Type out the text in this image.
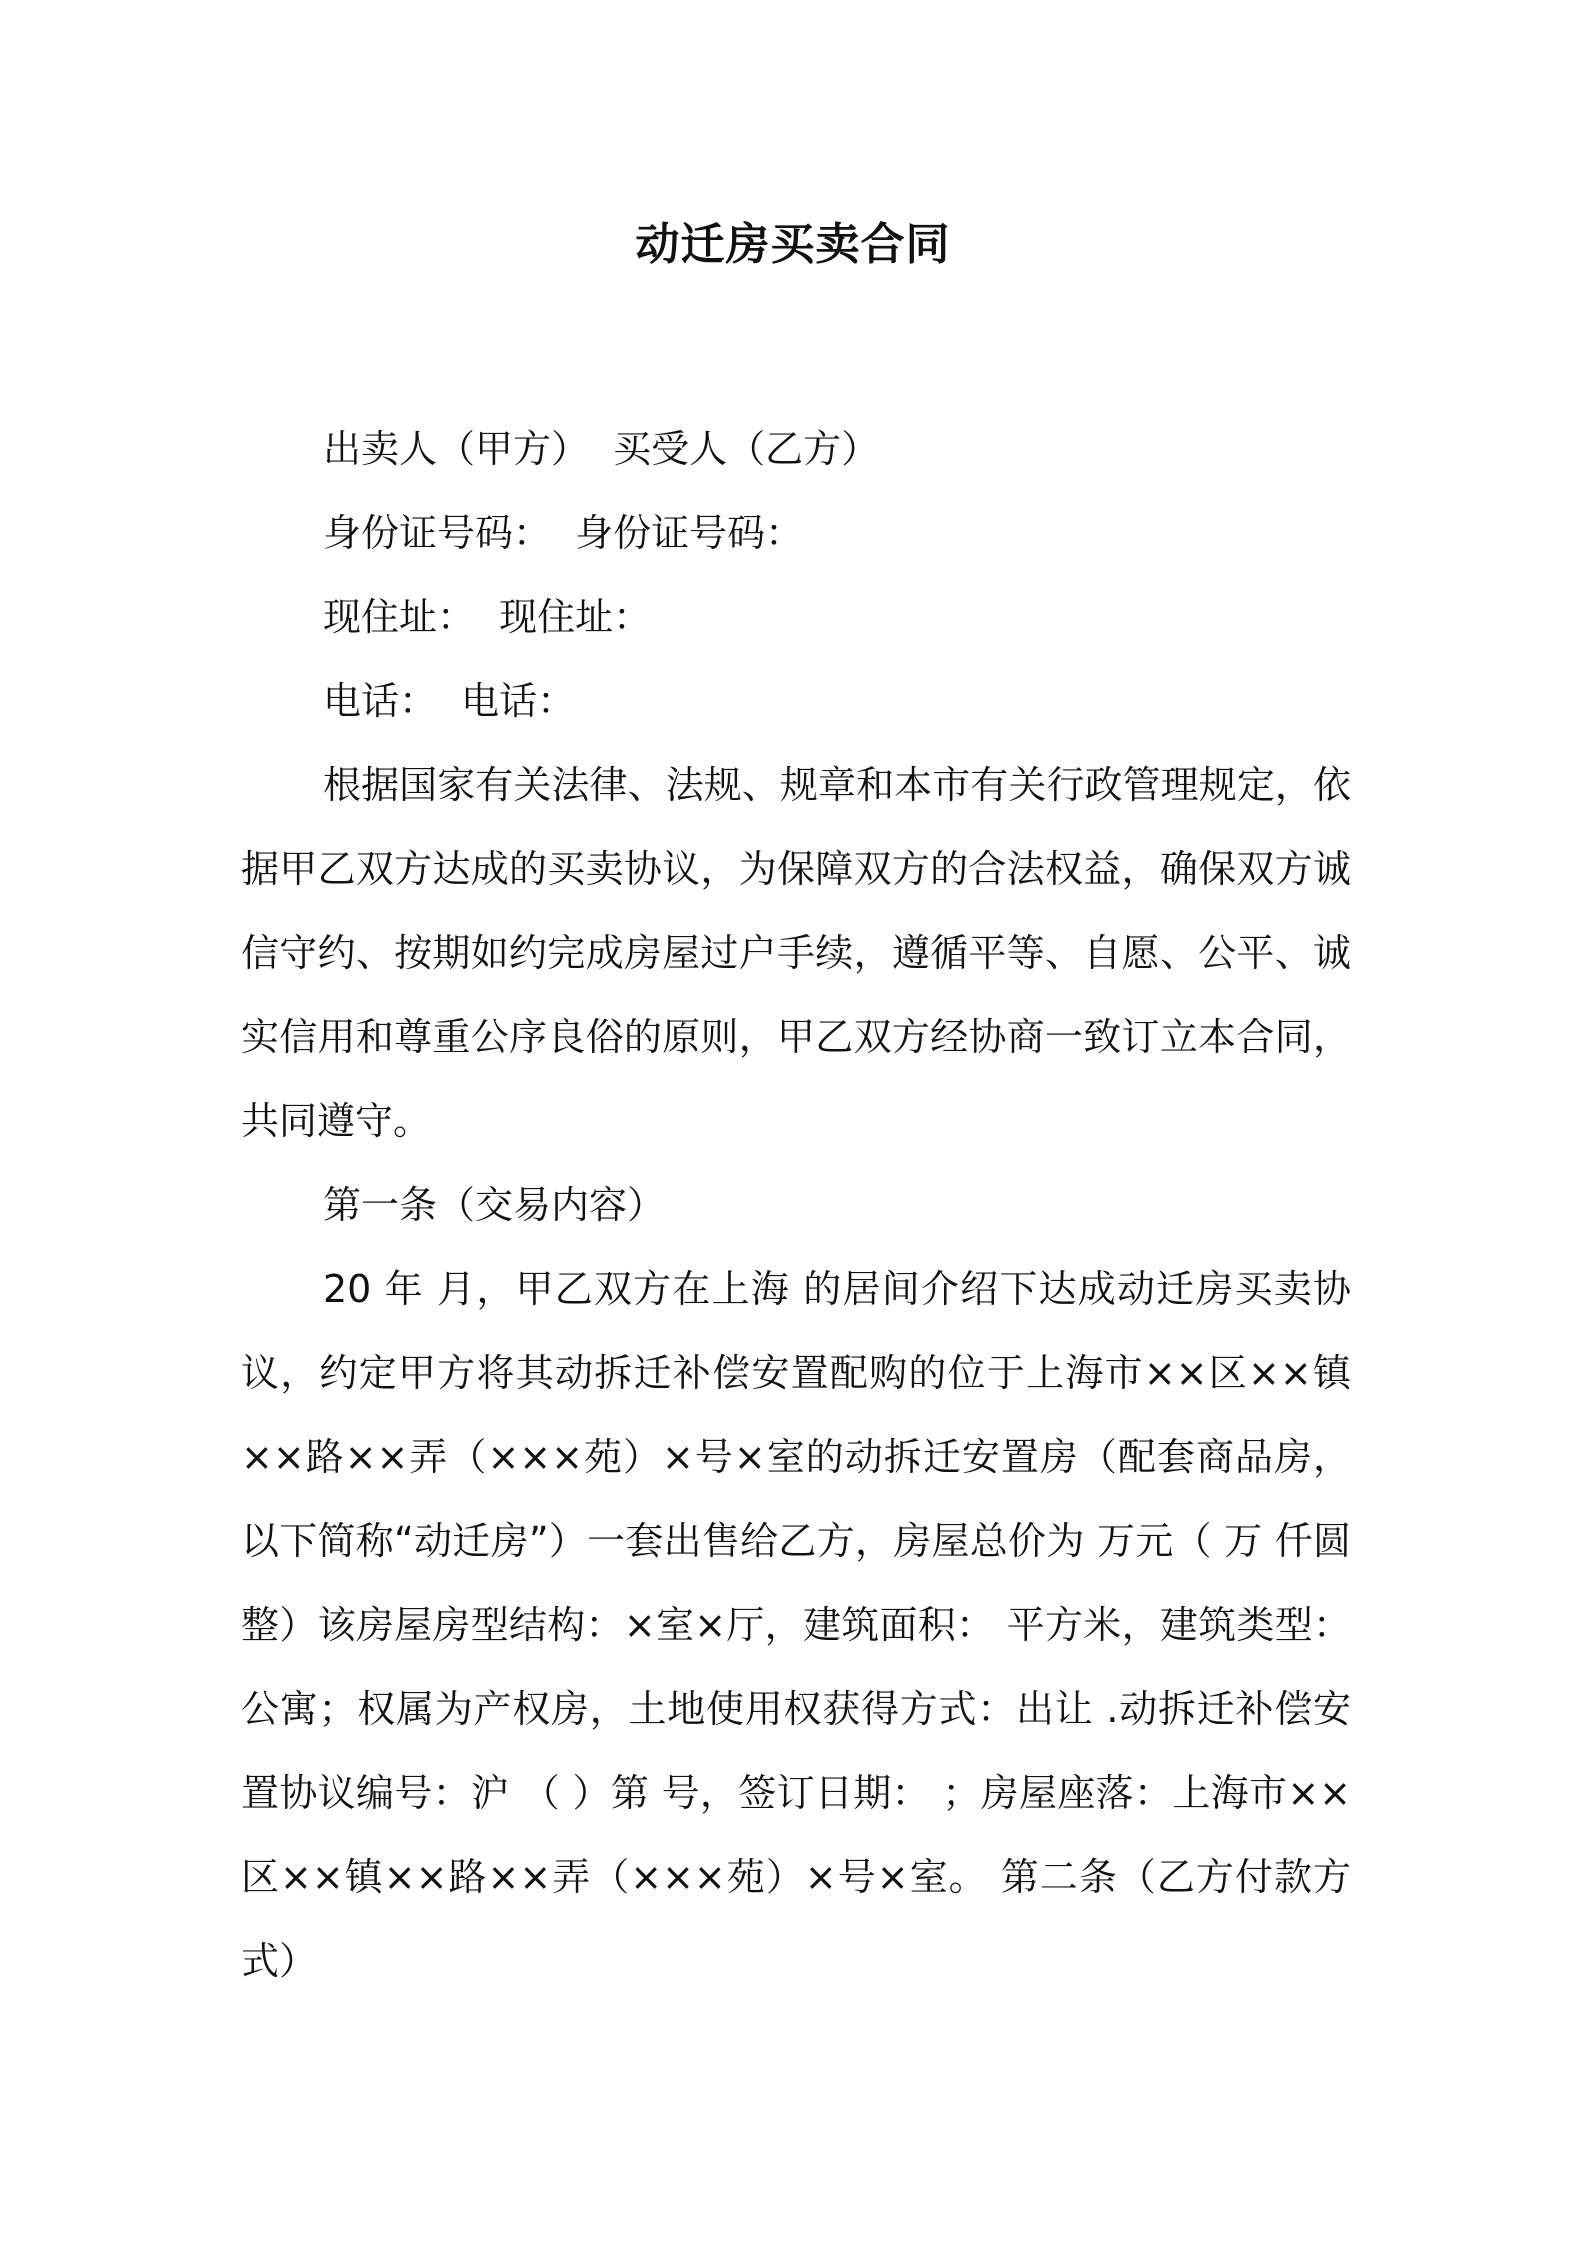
动迁房买卖合同

出卖人（甲方）  买受人（乙方）

身份证号码：  身份证号码：

现住址：  现住址：

电话：  电话：

根据国家有关法律、法规、规章和本市有关行政管理规定，依据甲乙双方达成的买卖协议，为保障双方的合法权益，确保双方诚信守约、按期如约完成房屋过户手续，遵循平等、自愿、公平、诚实信用和尊重公序良俗的原则，甲乙双方经协商一致订立本合同，共同遵守。

第一条（交易内容）

20 年 月，甲乙双方在上海 的居间介绍下达成动迁房买卖协议，约定甲方将其动拆迁补偿安置配购的位于上海市××区××镇××路××弄（×××苑）×号×室的动拆迁安置房（配套商品房，以下简称“动迁房”）一套出售给乙方，房屋总价为 万元（ 万 仟圆整）该房屋房型结构：×室×厅，建筑面积： 平方米，建筑类型：公寓；权属为产权房，土地使用权获得方式：出让 .动拆迁补偿安置协议编号：沪 （ ）第 号，签订日期： ；房屋座落：上海市××区××镇××路××弄（×××苑）×号×室。 第二条（乙方付款方式）
